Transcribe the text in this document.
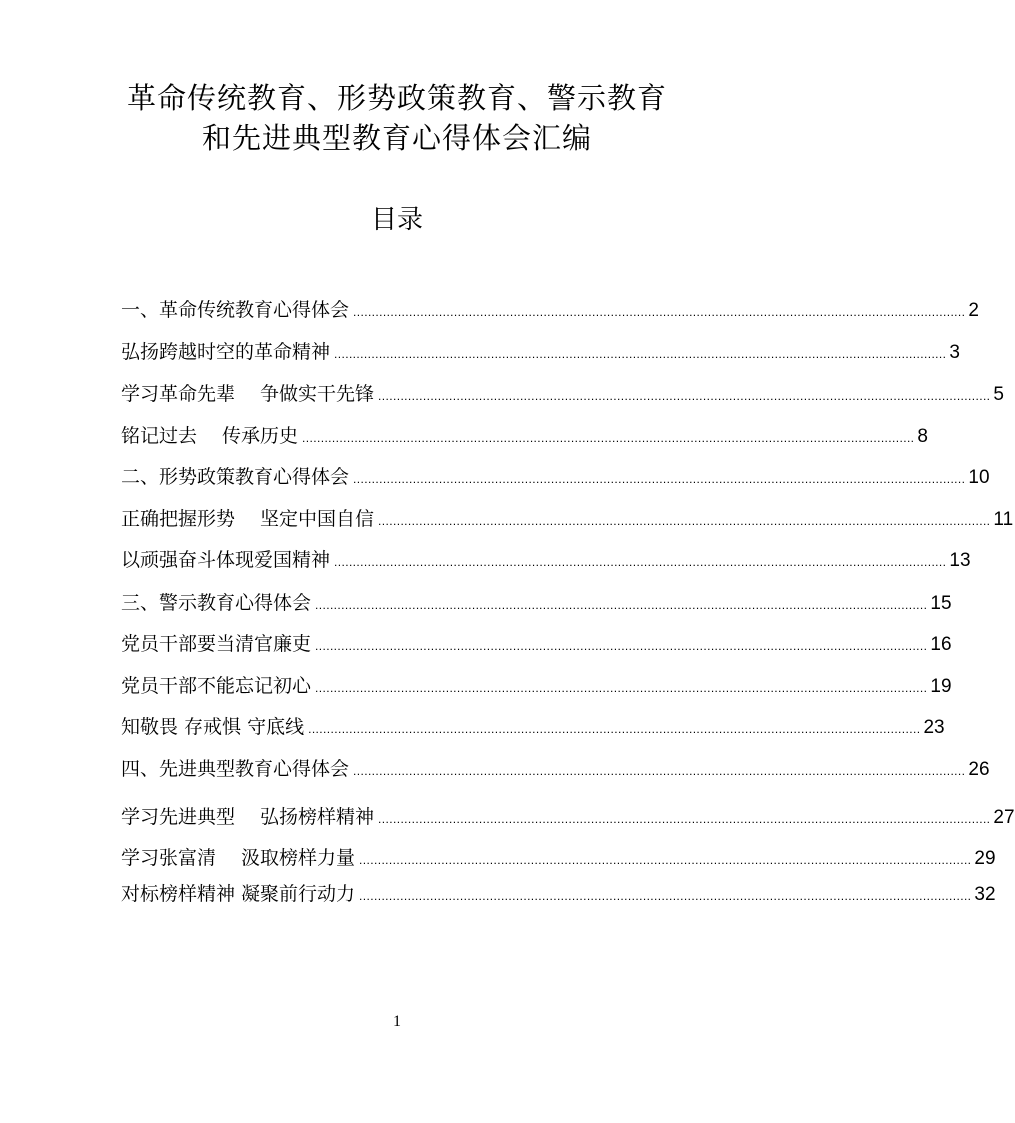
革命传统教育、形势政策教育、警示教育
和先进典型教育心得体会汇编
目录
一、革命传统教育心得体会 .................................................................................................................................................................... 2
弘扬跨越时空的革命精神 .................................................................................................................................................................... 3
学习革命先辈　 争做实干先锋 .................................................................................................................................................................... 5
铭记过去　 传承历史 .................................................................................................................................................................... 8
二、形势政策教育心得体会 .................................................................................................................................................................... 10
正确把握形势　 坚定中国自信 .................................................................................................................................................................... 11
以顽强奋斗体现爱国精神 .................................................................................................................................................................... 13
三、警示教育心得体会 .................................................................................................................................................................... 15
党员干部要当清官廉吏 .................................................................................................................................................................... 16
党员干部不能忘记初心 .................................................................................................................................................................... 19
知敬畏 存戒惧 守底线 .................................................................................................................................................................... 23
四、先进典型教育心得体会 .................................................................................................................................................................... 26
学习先进典型　 弘扬榜样精神 .................................................................................................................................................................... 27
学习张富清　 汲取榜样力量 .................................................................................................................................................................... 29
对标榜样精神 凝聚前行动力 .................................................................................................................................................................... 32
1
